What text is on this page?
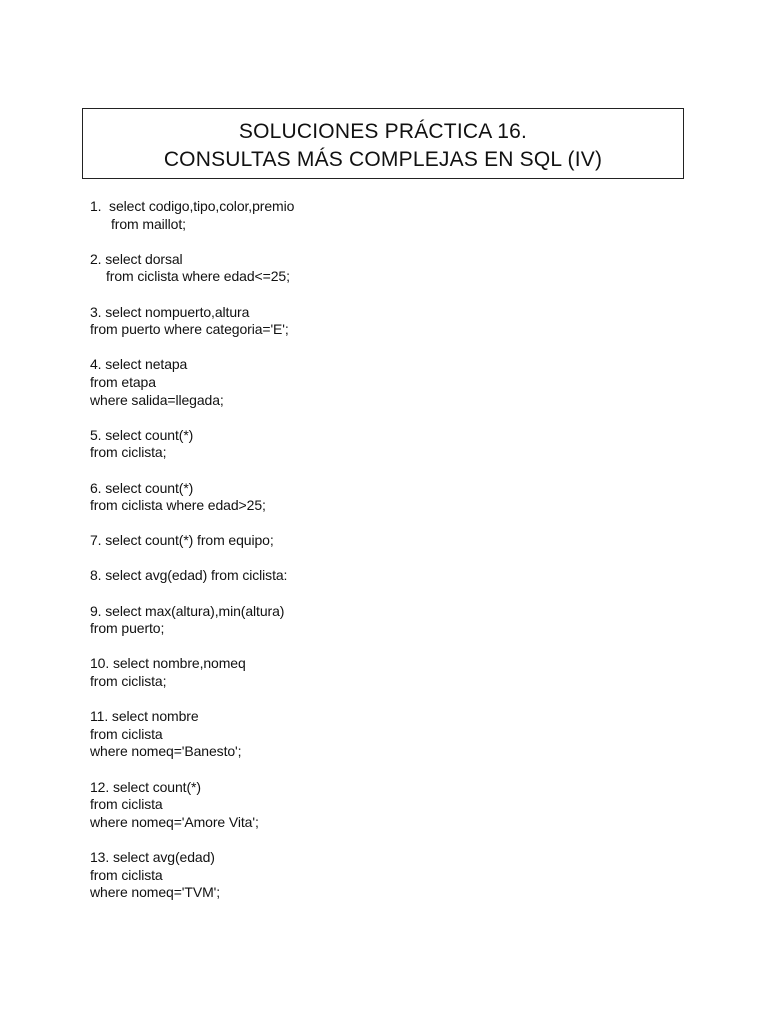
SOLUCIONES PRÁCTICA 16.
CONSULTAS MÁS COMPLEJAS EN SQL (IV)
1.  select codigo,tipo,color,premio
from maillot;
2. select dorsal
from ciclista where edad<=25;
3. select nompuerto,altura
from puerto where categoria='E';
4. select netapa
from etapa
where salida=llegada;
5. select count(*)
from ciclista;
6. select count(*)
from ciclista where edad>25;
7. select count(*) from equipo;
8. select avg(edad) from ciclista:
9. select max(altura),min(altura)
from puerto;
10. select nombre,nomeq
from ciclista;
11. select nombre
from ciclista
where nomeq='Banesto';
12. select count(*)
from ciclista
where nomeq='Amore Vita';
13. select avg(edad)
from ciclista
where nomeq='TVM';
